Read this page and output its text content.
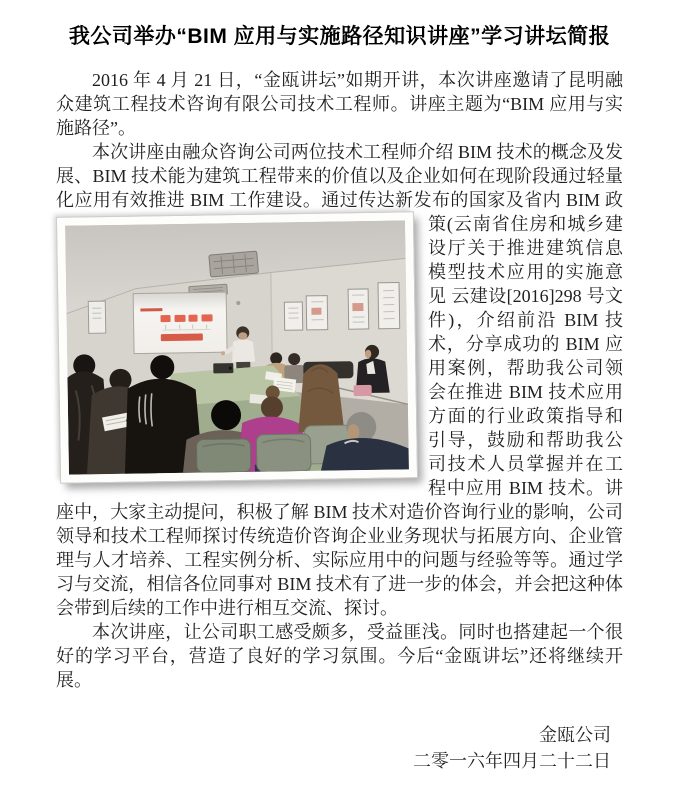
我公司举办“BIM 应用与实施路径知识讲座”学习讲坛简报

2016 年 4 月 21 日，“金瓯讲坛”如期开讲，本次讲座邀请了昆明融众建筑工程技术咨询有限公司技术工程师。讲座主题为“BIM 应用与实施路径”。

本次讲座由融众咨询公司两位技术工程师介绍 BIM 技术的概念及发展、BIM 技术能为建筑工程带来的价值以及企业如何在现阶段通过轻量化应用有效推进 BIM 工作建设。通过传达新发布的国家及省内 BIM 政策(云
南省住房和城乡建设厅关于推进建筑信息模型技术应用的实施意见 云建设[2016]298 号文件)，介绍前沿 BIM 技术，分享成功的 BIM 应用案例，帮助我公司领会在推进 BIM 技术应用方面的行业政策指导和引导，鼓励和帮助我公司技术人员掌握并在工程中应用 BIM 技术。讲座中，大家主动提问，积极了解 BIM 技术对造价咨询行业的影响，公司领导和技术工程师探讨传统造价咨询企业业务现状与拓展方向、企业管理与人才培养、工程实例分析、实际应用中的问题与经验等等。通过学习与交流，相信各位同事对 BIM 技术有了进一步的体会，并会把这种体会带到后续的工作中进行相互交流、探讨。

本次讲座，让公司职工感受颇多，受益匪浅。同时也搭建起一个很好的学习平台，营造了良好的学习氛围。今后“金瓯讲坛”还将继续开展。

金瓯公司
二零一六年四月二十二日
